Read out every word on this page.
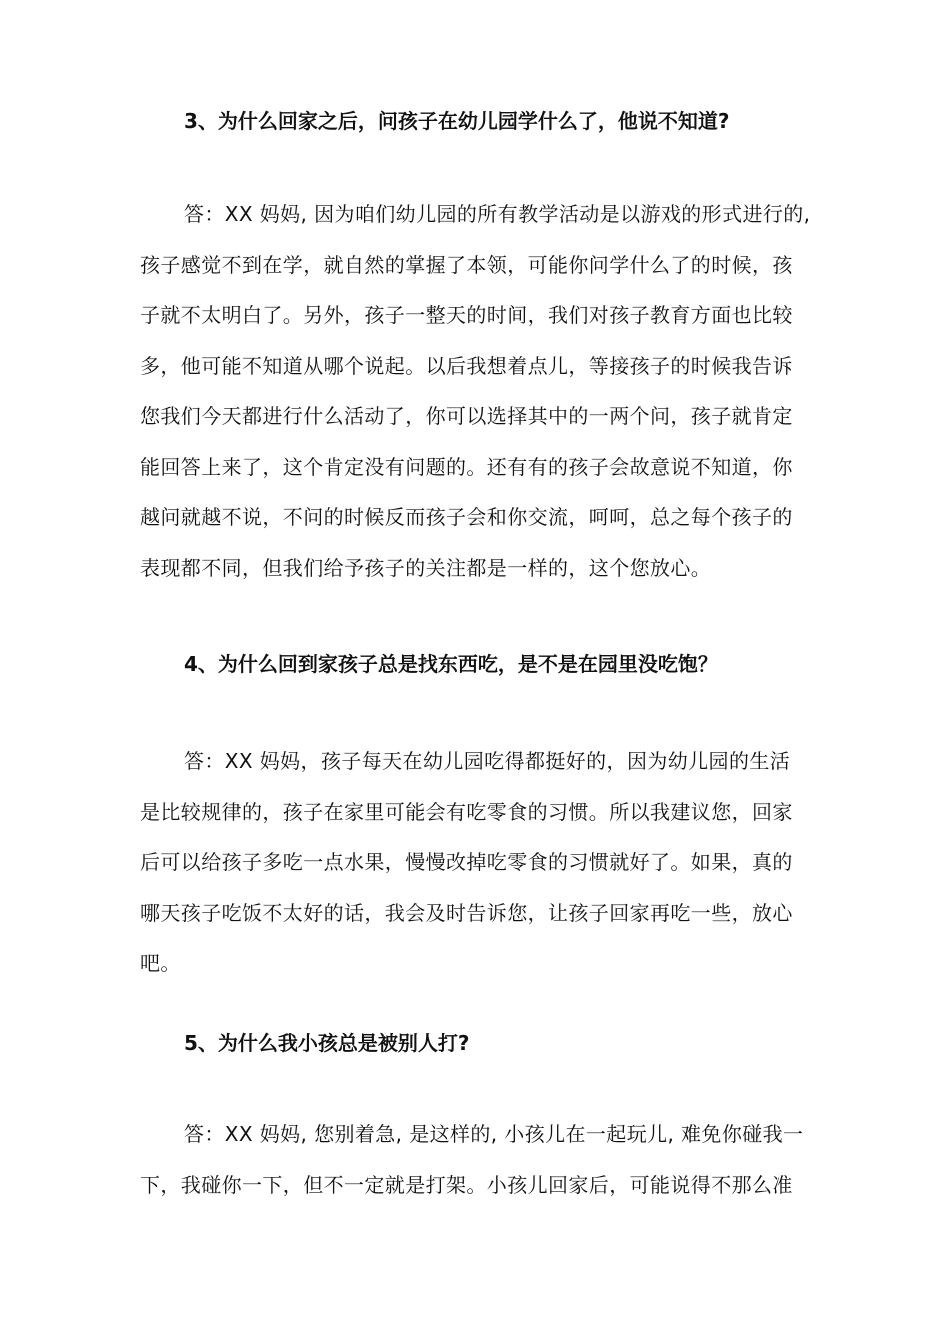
3、为什么回家之后，问孩子在幼儿园学什么了，他说不知道?
答：XX 妈妈, 因为咱们幼儿园的所有教学活动是以游戏的形式进行的,
孩子感觉不到在学，就自然的掌握了本领，可能你问学什么了的时候，孩
子就不太明白了。另外，孩子一整天的时间，我们对孩子教育方面也比较
多，他可能不知道从哪个说起。以后我想着点儿，等接孩子的时候我告诉
您我们今天都进行什么活动了，你可以选择其中的一两个问，孩子就肯定
能回答上来了，这个肯定没有问题的。还有有的孩子会故意说不知道，你
越问就越不说，不问的时候反而孩子会和你交流，呵呵，总之每个孩子的
表现都不同，但我们给予孩子的关注都是一样的，这个您放心。
4、为什么回到家孩子总是找东西吃，是不是在园里没吃饱？
答：XX 妈妈，孩子每天在幼儿园吃得都挺好的，因为幼儿园的生活
是比较规律的，孩子在家里可能会有吃零食的习惯。所以我建议您，回家
后可以给孩子多吃一点水果，慢慢改掉吃零食的习惯就好了。如果，真的
哪天孩子吃饭不太好的话，我会及时告诉您，让孩子回家再吃一些，放心
吧。
5、为什么我小孩总是被别人打?
答：XX 妈妈, 您别着急, 是这样的, 小孩儿在一起玩儿, 难免你碰我一
下，我碰你一下，但不一定就是打架。小孩儿回家后，可能说得不那么准
